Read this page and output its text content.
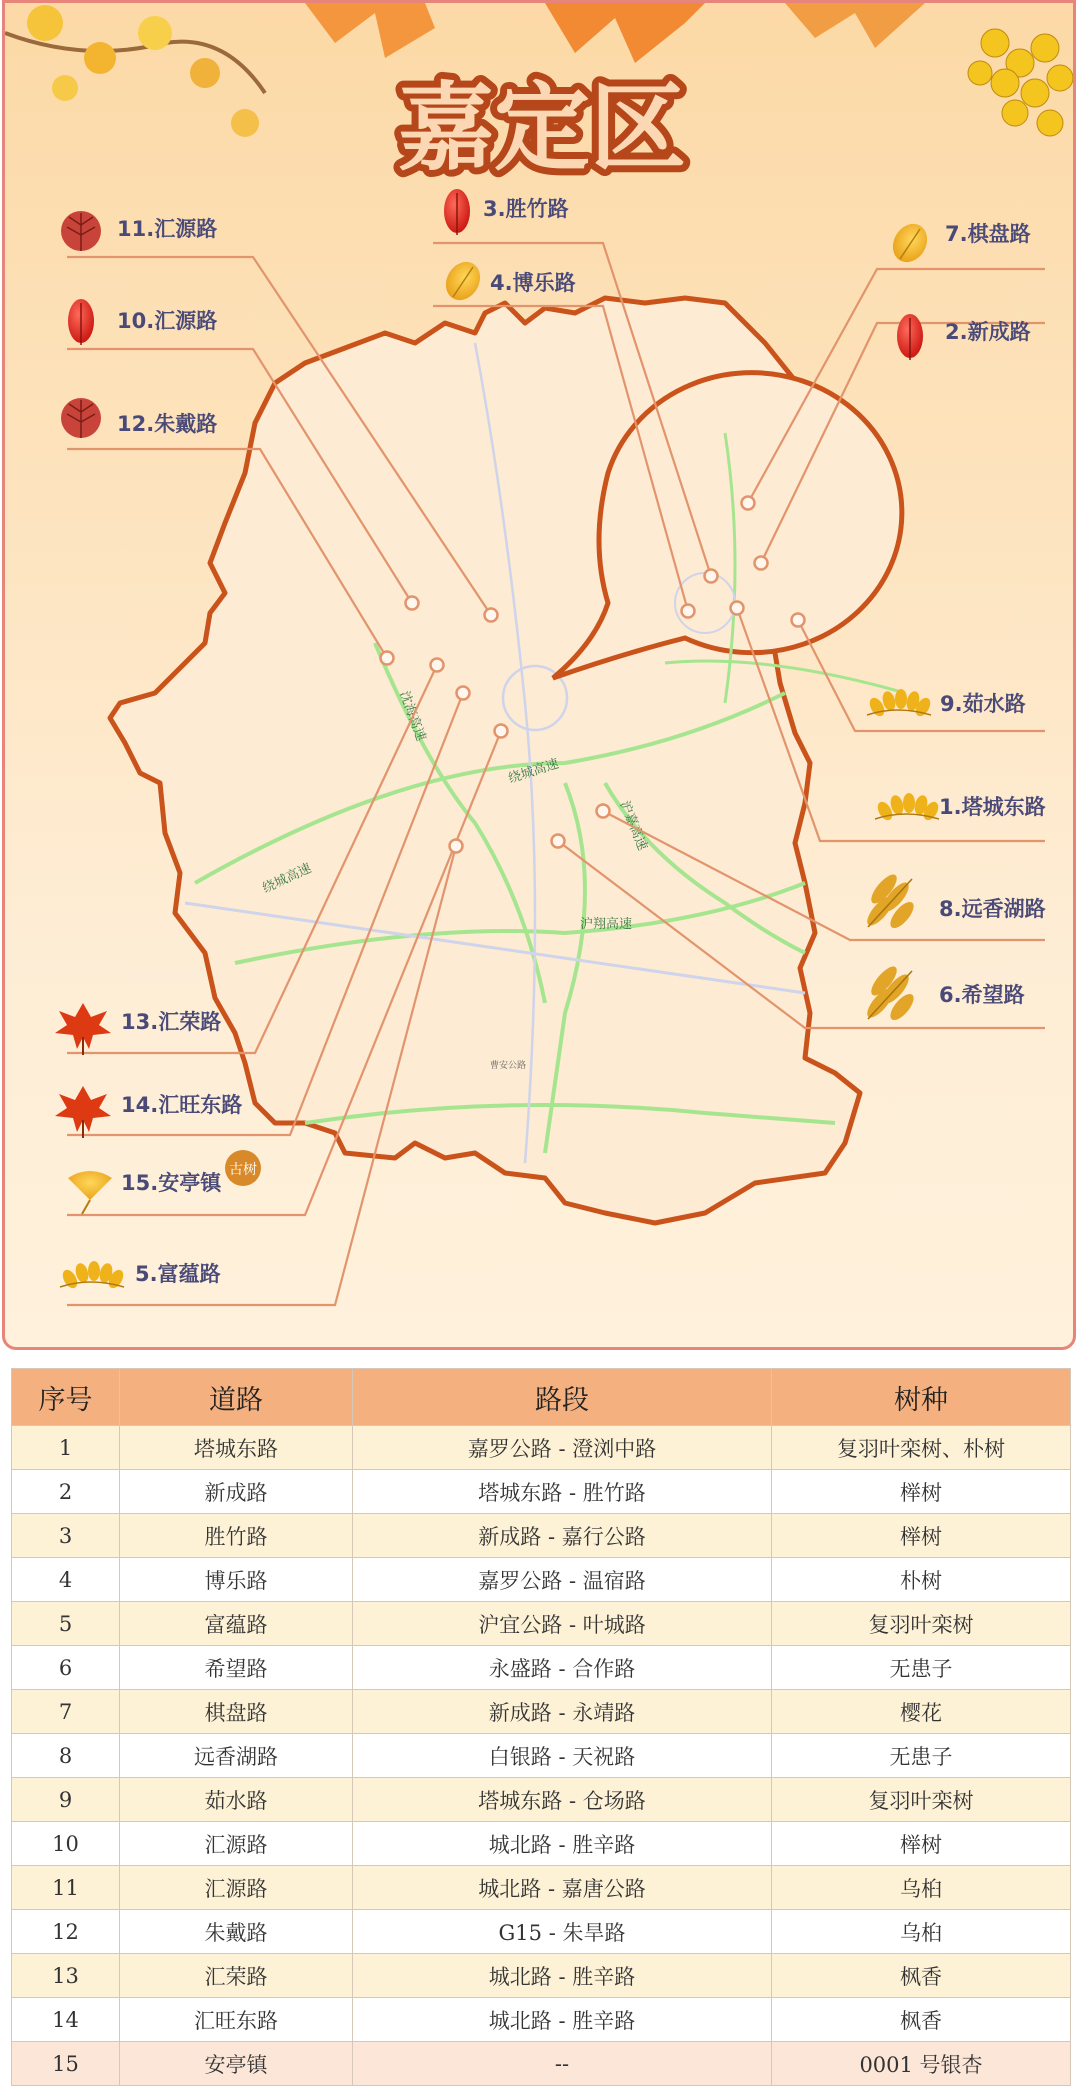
嘉定区
沈海高速
绕城高速
绕城高速
沪嘉高速
沪翔高速
曹安公路
11.汇源路
10.汇源路
12.朱戴路
3.胜竹路
4.博乐路
7.棋盘路
2.新成路
9.茹水路
1.塔城东路
8.远香湖路
6.希望路
13.汇荣路
14.汇旺东路
15.安亭镇
古树
5.富蕴路
序号	道路	路段	树种
1	塔城东路	嘉罗公路 - 澄浏中路	复羽叶栾树、朴树
2	新成路	塔城东路 - 胜竹路	榉树
3	胜竹路	新成路 - 嘉行公路	榉树
4	博乐路	嘉罗公路 - 温宿路	朴树
5	富蕴路	沪宜公路 - 叶城路	复羽叶栾树
6	希望路	永盛路 - 合作路	无患子
7	棋盘路	新成路 - 永靖路	樱花
8	远香湖路	白银路 - 天祝路	无患子
9	茹水路	塔城东路 - 仓场路	复羽叶栾树
10	汇源路	城北路 - 胜辛路	榉树
11	汇源路	城北路 - 嘉唐公路	乌桕
12	朱戴路	G15 - 朱旱路	乌桕
13	汇荣路	城北路 - 胜辛路	枫香
14	汇旺东路	城北路 - 胜辛路	枫香
15	安亭镇	--	0001 号银杏
